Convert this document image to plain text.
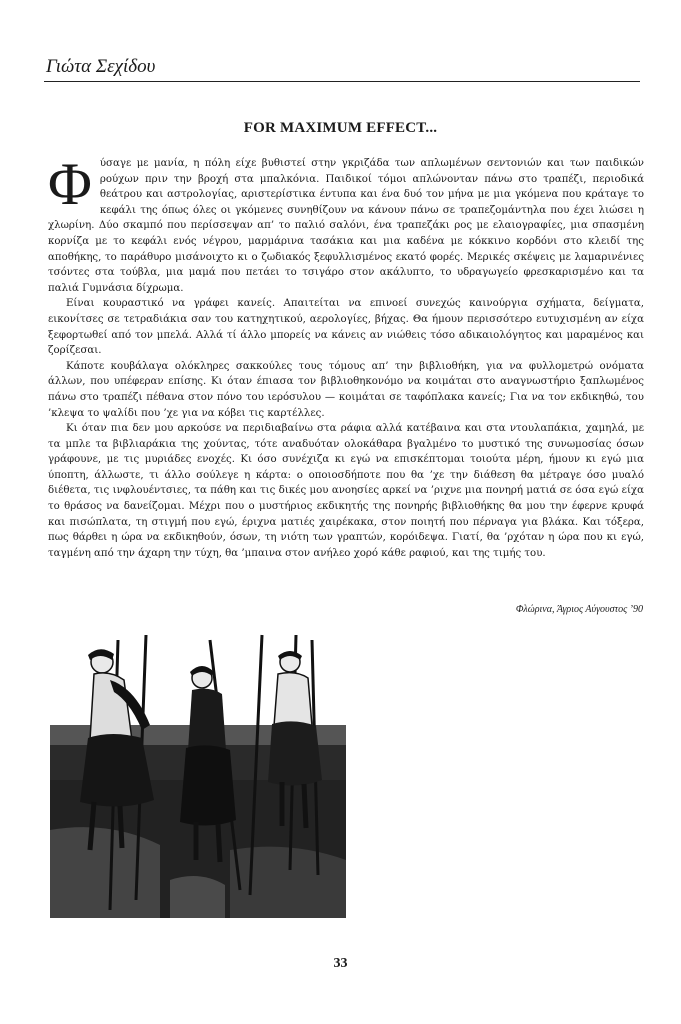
Γιώτα Σεχίδου
FOR MAXIMUM EFFECT...

Φύσαγε με μανία, η πόλη είχε βυθιστεί στην γκριζάδα των απλωμένων σεντονιών και των παιδικών ρούχων πριν την βροχή στα μπαλκόνια. Παιδικοί τόμοι απλώνονταν πάνω στο τραπέζι, περιοδικά θεάτρου και αστρολογίας, αριστερίστικα έντυπα και ένα δυό τον μήνα με μια γκόμενα που κράταγε το κεφάλι της όπως όλες οι γκόμενες συνηθίζουν να κάνουν πάνω σε τραπεζομάντηλα που έχει λιώσει η χλωρίνη. Δύο σκαμπό που περίσσεψαν απ’ το παλιό σαλόνι, ένα τραπεζάκι ρος με ελαιογραφίες, μια σπασμένη κορνίζα με το κεφάλι ενός νέγρου, μαρμάρινα τασάκια και μια καδένα με κόκκινο κορδόνι στο κλειδί της αποθήκης, το παράθυρο μισάνοιχτο κι ο ζωδιακός ξεφυλλισμένος εκατό φορές. Μερικές σκέψεις με λαμαρινένιες τσόντες στα τούβλα, μια μαμά που πετάει το τσιγάρο στον ακάλυπτο, το υδραγωγείο φρεσκαρισμένο και τα παλιά Γυμνάσια δίχρωμα.

Είναι κουραστικό να γράφει κανείς. Απαιτείται να επινοεί συνεχώς καινούργια σχήματα, δείγματα, εικονίτσες σε τετραδιάκια σαν του κατηχητικού, αερολογίες, βήχας. Θα ήμουν περισσότερο ευτυχισμένη αν είχα ξεφορτωθεί από τον μπελά. Αλλά τί άλλο μπορείς να κάνεις αν νιώθεις τόσο αδικαιολόγητος και μαραμένος και ζορίζεσαι.

Κάποτε κουβάλαγα ολόκληρες σακκούλες τους τόμους απ’ την βιβλιοθήκη, για να φυλλομετρώ ονόματα άλλων, που υπέφεραν επίσης. Κι όταν έπιασα τον βιβλιοθηκονόμο να κοιμάται στο αναγνωστήριο ξαπλωμένος πάνω στο τραπέζι πέθανα στον πόνο του ιερόσυλου — κοιμάται σε ταφόπλακα κανείς; Για να τον εκδικηθώ, του ’κλεψα το ψαλίδι που ’χε για να κόβει τις καρτέλλες.

Κι όταν πια δεν μου αρκούσε να περιδιαβαίνω στα ράφια αλλά κατέβαινα και στα ντουλαπάκια, χαμηλά, με τα μπλε τα βιβλιαράκια της χούντας, τότε αναδυόταν ολοκάθαρα βγαλμένο το μυστικό της συνωμοσίας όσων γράφουνε, με τις μυριάδες ενοχές. Κι όσο συνέχιζα κι εγώ να επισκέπτομαι τοιούτα μέρη, ήμουν κι εγώ μια ύποπτη, άλλωστε, τι άλλο σούλεγε η κάρτα: ο οποιοσδήποτε που θα ’χε την διάθεση θα μέτραγε όσο μυαλό διέθετα, τις ινφλουέντσιες, τα πάθη και τις δικές μου ανοησίες αρκεί να ’ριχνε μια πονηρή ματιά σε όσα εγώ είχα το θράσος να δανείζομαι. Μέχρι που ο μυστήριος εκδικητής της πονηρής βιβλιοθήκης θα μου την έφερνε κρυφά και πισώπλατα, τη στιγμή που εγώ, έριχνα ματιές χαιρέκακα, στον ποιητή που πέρναγα για βλάκα. Και τόξερα, πως θάρθει η ώρα να εκδικηθούν, όσων, τη νιότη των γραπτών, κορόιδεψα. Γιατί, θα ’ρχόταν η ώρα που κι εγώ, ταγμένη από την άχαρη την τύχη, θα ’μπαινα στον ανήλεο χορό κάθε ραφιού, και της τιμής του.

Φλώρινα, Άγριος Αύγουστος ’90
33
